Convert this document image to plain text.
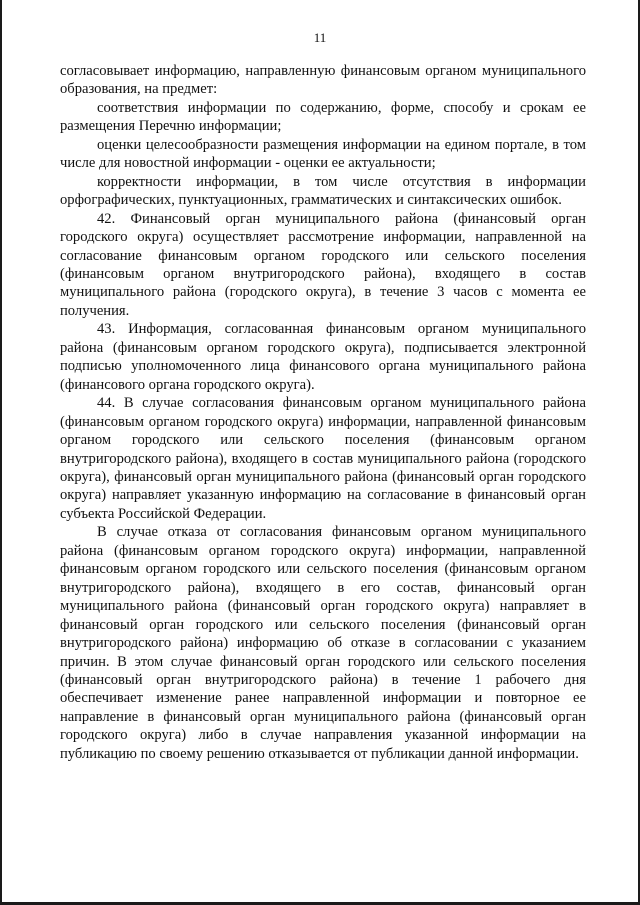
11

согласовывает информацию, направленную финансовым органом муниципального образования, на предмет:

соответствия информации по содержанию, форме, способу и срокам ее размещения Перечню информации;

оценки целесообразности размещения информации на едином портале, в том числе для новостной информации - оценки ее актуальности;

корректности информации, в том числе отсутствия в информации орфографических, пунктуационных, грамматических и синтаксических ошибок.

42. Финансовый орган муниципального района (финансовый орган городского округа) осуществляет рассмотрение информации, направленной на согласование финансовым органом городского или сельского поселения (финансовым органом внутригородского района), входящего в состав муниципального района (городского округа), в течение 3 часов с момента ее получения.

43. Информация, согласованная финансовым органом муниципального района (финансовым органом городского округа), подписывается электронной подписью уполномоченного лица финансового органа муниципального района (финансового органа городского округа).

44. В случае согласования финансовым органом муниципального района (финансовым органом городского округа) информации, направленной финансовым органом городского или сельского поселения (финансовым органом внутригородского района), входящего в состав муниципального района (городского округа), финансовый орган муниципального района (финансовый орган городского округа) направляет указанную информацию на согласование в финансовый орган субъекта Российской Федерации.

В случае отказа от согласования финансовым органом муниципального района (финансовым органом городского округа) информации, направленной финансовым органом городского или сельского поселения (финансовым органом внутригородского района), входящего в его состав, финансовый орган муниципального района (финансовый орган городского округа) направляет в финансовый орган городского или сельского поселения (финансовый орган внутригородского района) информацию об отказе в согласовании с указанием причин. В этом случае финансовый орган городского или сельского поселения (финансовый орган внутригородского района) в течение 1 рабочего дня обеспечивает изменение ранее направленной информации и повторное ее направление в финансовый орган муниципального района (финансовый орган городского округа) либо в случае направления указанной информации на публикацию по своему решению отказывается от публикации данной информации.
